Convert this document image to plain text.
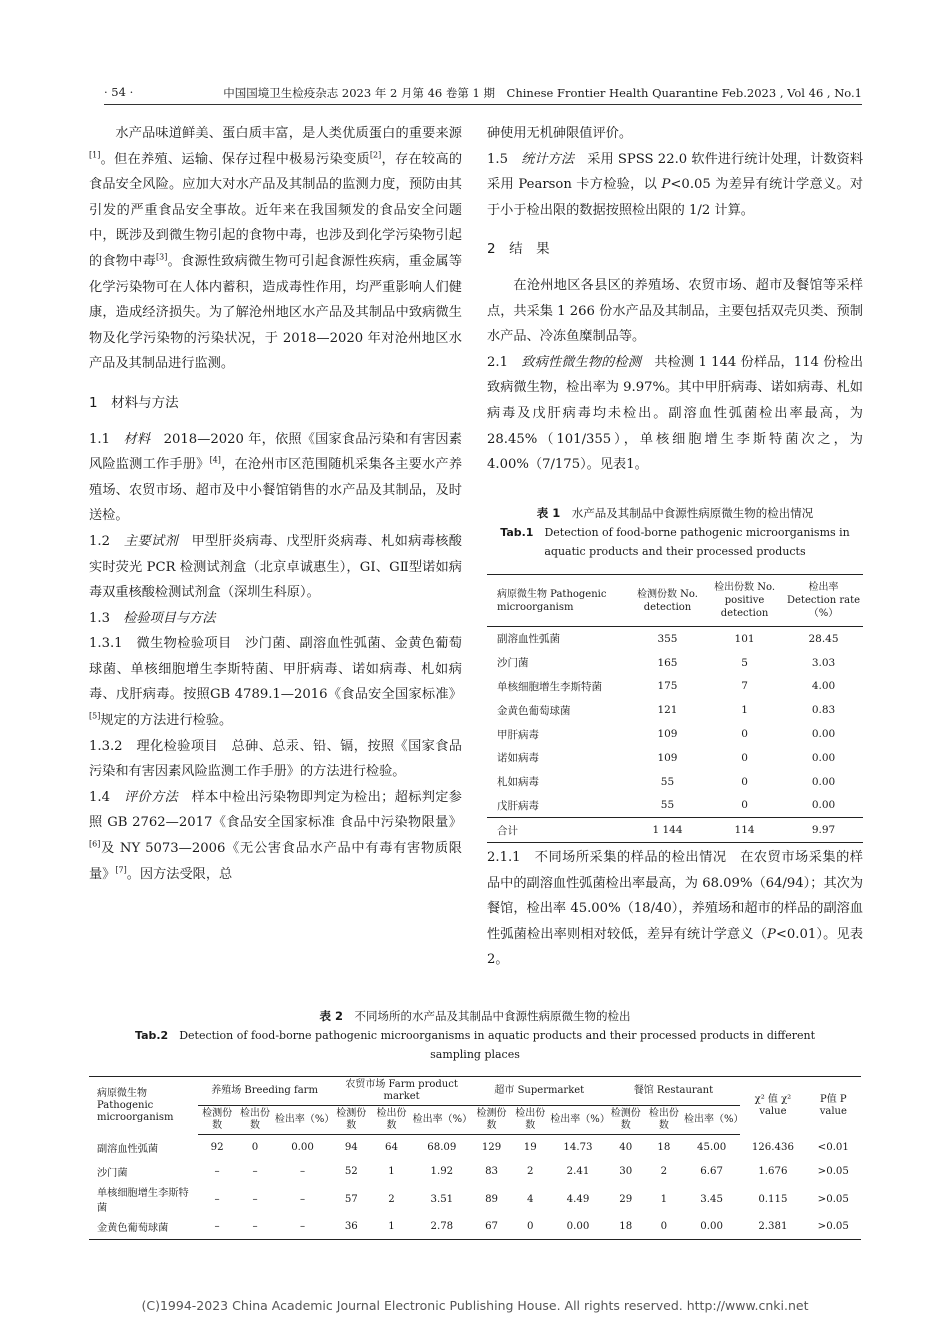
· 54 ·	中国国境卫生检疫杂志 2023 年 2 月第 46 卷第 1 期　Chinese Frontier Health Quarantine Feb.2023 , Vol 46 , No.1

水产品味道鲜美、蛋白质丰富，是人类优质蛋白的重要来源[1]。但在养殖、运输、保存过程中极易污染变质[2]，存在较高的食品安全风险。应加大对水产品及其制品的监测力度，预防由其引发的严重食品安全事故。近年来在我国频发的食品安全问题中，既涉及到微生物引起的食物中毒，也涉及到化学污染物引起的食物中毒[3]。食源性致病微生物可引起食源性疾病，重金属等化学污染物可在人体内蓄积，造成毒性作用，均严重影响人们健康，造成经济损失。为了解沧州地区水产品及其制品中致病微生物及化学污染物的污染状况，于 2018—2020 年对沧州地区水产品及其制品进行监测。

1　材料与方法

1.1　材料　2018—2020 年，依照《国家食品污染和有害因素风险监测工作手册》[4]，在沧州市区范围随机采集各主要水产养殖场、农贸市场、超市及中小餐馆销售的水产品及其制品，及时送检。

1.2　主要试剂　甲型肝炎病毒、戊型肝炎病毒、札如病毒核酸实时荧光 PCR 检测试剂盒（北京卓诚惠生），GⅠ、GⅡ型诺如病毒双重核酸检测试剂盒（深圳生科原）。

1.3　检验项目与方法

1.3.1　微生物检验项目　沙门菌、副溶血性弧菌、金黄色葡萄球菌、单核细胞增生李斯特菌、甲肝病毒、诺如病毒、札如病毒、戊肝病毒。按照GB 4789.1—2016《食品安全国家标准》[5]规定的方法进行检验。

1.3.2　理化检验项目　总砷、总汞、铅、镉，按照《国家食品污染和有害因素风险监测工作手册》的方法进行检验。

1.4　评价方法　样本中检出污染物即判定为检出；超标判定参照 GB 2762—2017《食品安全国家标准 食品中污染物限量》[6]及 NY 5073—2006《无公害食品水产品中有毒有害物质限量》[7]。因方法受限，总

砷使用无机砷限值评价。

1.5　统计方法　采用 SPSS 22.0 软件进行统计处理，计数资料采用 Pearson 卡方检验，以 P<0.05 为差异有统计学意义。对于小于检出限的数据按照检出限的 1/2 计算。

2　结　果

在沧州地区各县区的养殖场、农贸市场、超市及餐馆等采样点，共采集 1 266 份水产品及其制品，主要包括双壳贝类、预制水产品、冷冻鱼糜制品等。

2.1　致病性微生物的检测　共检测 1 144 份样品，114 份检出致病微生物，检出率为 9.97%。其中甲肝病毒、诺如病毒、札如病毒及戊肝病毒均未检出。副溶血性弧菌检出率最高，为 28.45%（101/355），单核细胞增生李斯特菌次之，为 4.00%（7/175）。见表1。

表 1　水产品及其制品中食源性病原微生物的检出情况
Tab.1　Detection of food-borne pathogenic microorganisms in aquatic products and their processed products
病原微生物 Pathogenic microorganism	检测份数 No. detection	检出份数 No. positive detection	检出率 Detection rate（%）
副溶血性弧菌	355	101	28.45
沙门菌	165	5	3.03
单核细胞增生李斯特菌	175	7	4.00
金黄色葡萄球菌	121	1	0.83
甲肝病毒	109	0	0.00
诺如病毒	109	0	0.00
札如病毒	55	0	0.00
戊肝病毒	55	0	0.00
合计	1 144	114	9.97

2.1.1　不同场所采集的样品的检出情况　在农贸市场采集的样品中的副溶血性弧菌检出率最高，为 68.09%（64/94）；其次为餐馆，检出率 45.00%（18/40），养殖场和超市的样品的副溶血性弧菌检出率则相对较低，差异有统计学意义（P<0.01）。见表2。

表 2　不同场所的水产品及其制品中食源性病原微生物的检出
Tab.2　Detection of food-borne pathogenic microorganisms in aquatic products and their processed products in different sampling places
病原微生物 Pathogenic microorganism	养殖场 Breeding farm			农贸市场 Farm product market			超市 Supermarket			餐馆 Restaurant			χ² 值 χ² value	P值 P value
	检测份数	检出份数	检出率（%）	检测份数	检出份数	检出率（%）	检测份数	检出份数	检出率（%）	检测份数	检出份数	检出率（%）		
副溶血性弧菌	92	0	0.00	94	64	68.09	129	19	14.73	40	18	45.00	126.436	<0.01
沙门菌	–	–	–	52	1	1.92	83	2	2.41	30	2	6.67	1.676	>0.05
单核细胞增生李斯特菌	–	–	–	57	2	3.51	89	4	4.49	29	1	3.45	0.115	>0.05
金黄色葡萄球菌	–	–	–	36	1	2.78	67	0	0.00	18	0	0.00	2.381	>0.05
(C)1994-2023 China Academic Journal Electronic Publishing House. All rights reserved. http://www.cnki.net
